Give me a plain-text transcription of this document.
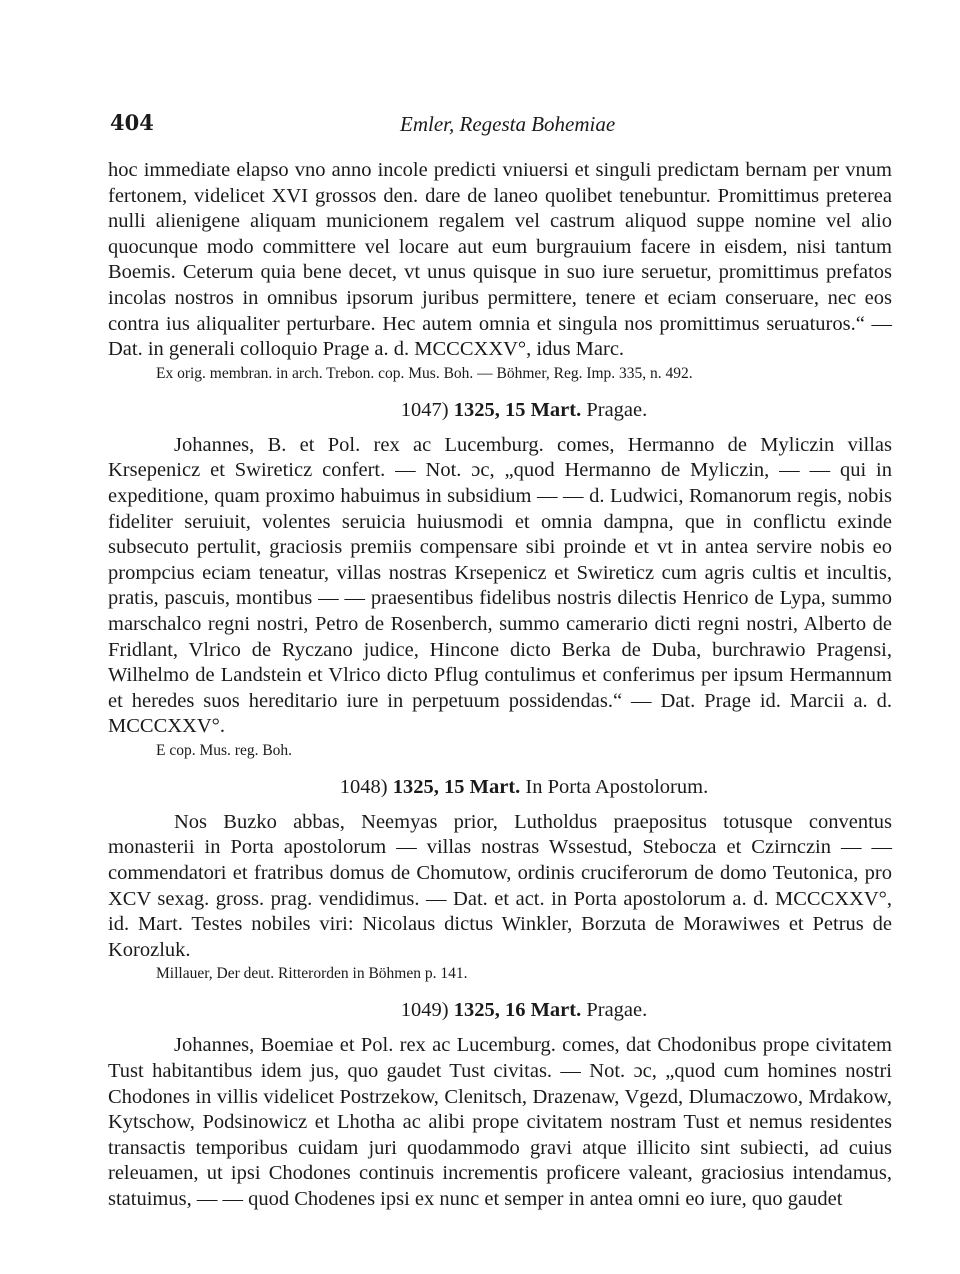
404	Emler, Regesta Bohemiae

hoc immediate elapso vno anno incole predicti vniuersi et singuli predictam bernam per vnum fertonem, videlicet XVI grossos den. dare de laneo quolibet tenebuntur. Promittimus preterea nulli alienigene aliquam municionem regalem vel castrum aliquod suppe nomine vel alio quocunque modo committere vel locare aut eum burgrauium facere in eisdem, nisi tantum Boemis. Ceterum quia bene decet, vt unus quisque in suo iure seruetur, promittimus prefatos incolas nostros in omnibus ipsorum juribus permittere, tenere et eciam conseruare, nec eos contra ius aliqualiter perturbare. Hec autem omnia et singula nos promittimus seruaturos.“ — Dat. in generali colloquio Prage a. d. MCCCXXV°, idus Marc.

Ex orig. membran. in arch. Trebon. cop. Mus. Boh. — Böhmer, Reg. Imp. 335, n. 492.

1047) 1325, 15 Mart. Pragae.

Johannes, B. et Pol. rex ac Lucemburg. comes, Hermanno de Myliczin villas Krsepenicz et Swireticz confert. — Not. ɔc, „quod Hermanno de Myliczin, — — qui in expeditione, quam proximo habuimus in subsidium — — d. Ludwici, Romanorum regis, nobis fideliter seruiuit, volentes seruicia huiusmodi et omnia dampna, que in conflictu exinde subsecuto pertulit, graciosis premiis compensare sibi proinde et vt in antea servire nobis eo prompcius eciam teneatur, villas nostras Krsepenicz et Swireticz cum agris cultis et incultis, pratis, pascuis, montibus — — praesentibus fidelibus nostris dilectis Henrico de Lypa, summo marschalco regni nostri, Petro de Rosenberch, summo camerario dicti regni nostri, Alberto de Fridlant, Vlrico de Ryczano judice, Hincone dicto Berka de Duba, burchrawio Pragensi, Wilhelmo de Landstein et Vlrico dicto Pflug contulimus et conferimus per ipsum Hermannum et heredes suos hereditario iure in perpetuum possidendas.“ — Dat. Prage id. Marcii a. d. MCCCXXV°.

E cop. Mus. reg. Boh.

1048) 1325, 15 Mart. In Porta Apostolorum.

Nos Buzko abbas, Neemyas prior, Lutholdus praepositus totusque conventus monasterii in Porta apostolorum — villas nostras Wssestud, Stebocza et Czirnczin — — commendatori et fratribus domus de Chomutow, ordinis cruciferorum de domo Teutonica, pro XCV sexag. gross. prag. vendidimus. — Dat. et act. in Porta apostolorum a. d. MCCCXXV°, id. Mart. Testes nobiles viri: Nicolaus dictus Winkler, Borzuta de Morawiwes et Petrus de Korozluk.

Millauer, Der deut. Ritterorden in Böhmen p. 141.

1049) 1325, 16 Mart. Pragae.

Johannes, Boemiae et Pol. rex ac Lucemburg. comes, dat Chodonibus prope civitatem Tust habitantibus idem jus, quo gaudet Tust civitas. — Not. ɔc, „quod cum homines nostri Chodones in villis videlicet Postrzekow, Clenitsch, Drazenaw, Vgezd, Dlumaczowo, Mrdakow, Kytschow, Podsinowicz et Lhotha ac alibi prope civitatem nostram Tust et nemus residentes transactis temporibus cuidam juri quodammodo gravi atque illicito sint subiecti, ad cuius releuamen, ut ipsi Chodones continuis incrementis proficere valeant, graciosius intendamus, statuimus, — — quod Chodenes ipsi ex nunc et semper in antea omni eo iure, quo gaudet
